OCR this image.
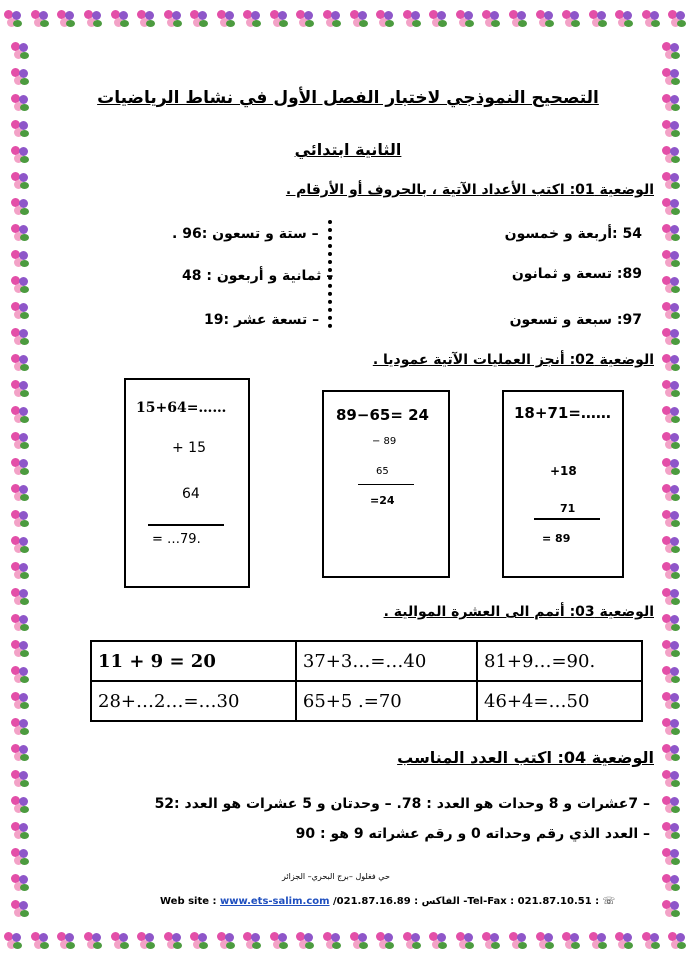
التصحيح النموذجي لاختبار الفصل الأول في نشاط الرياضيات
الثانية ابتدائي
الوضعية 01: اكتب الأعداد الآتية ، بالحروف أو الأرقام .
54 :أربعة و خمسون
89: تسعة و ثمانون
97: سبعة و تسعون
– ستة و تسعون :96 .
– ثمانية و أربعون : 48
– تسعة عشر :19
الوضعية 02: أنجز العمليات الآتية عموديا .
15+64=……
+ 15
64
= …79.
89−65= 24
− 89
65
=24
18+71=……
+18
71
= 89
الوضعية 03: أتمم الى العشرة الموالية .
11 + 9 = 20	37+3…=…40	81+9…=90.
28+…2…=…30	65+5 .=70	46+4=…50
الوضعية 04: اكتب العدد المناسب
– 7عشرات و 8 وحدات هو العدد : 78. – وحدتان و 5 عشرات هو العدد :52
– العدد الذي رقم وحداته 0 و رقم عشراته 9 هو : 90
حي فغلول –برج البحري– الجزائر
Web site : www.ets-salim.com /021.87.16.89 : الفاكس -Tel-Fax : 021.87.10.51 : ☏
